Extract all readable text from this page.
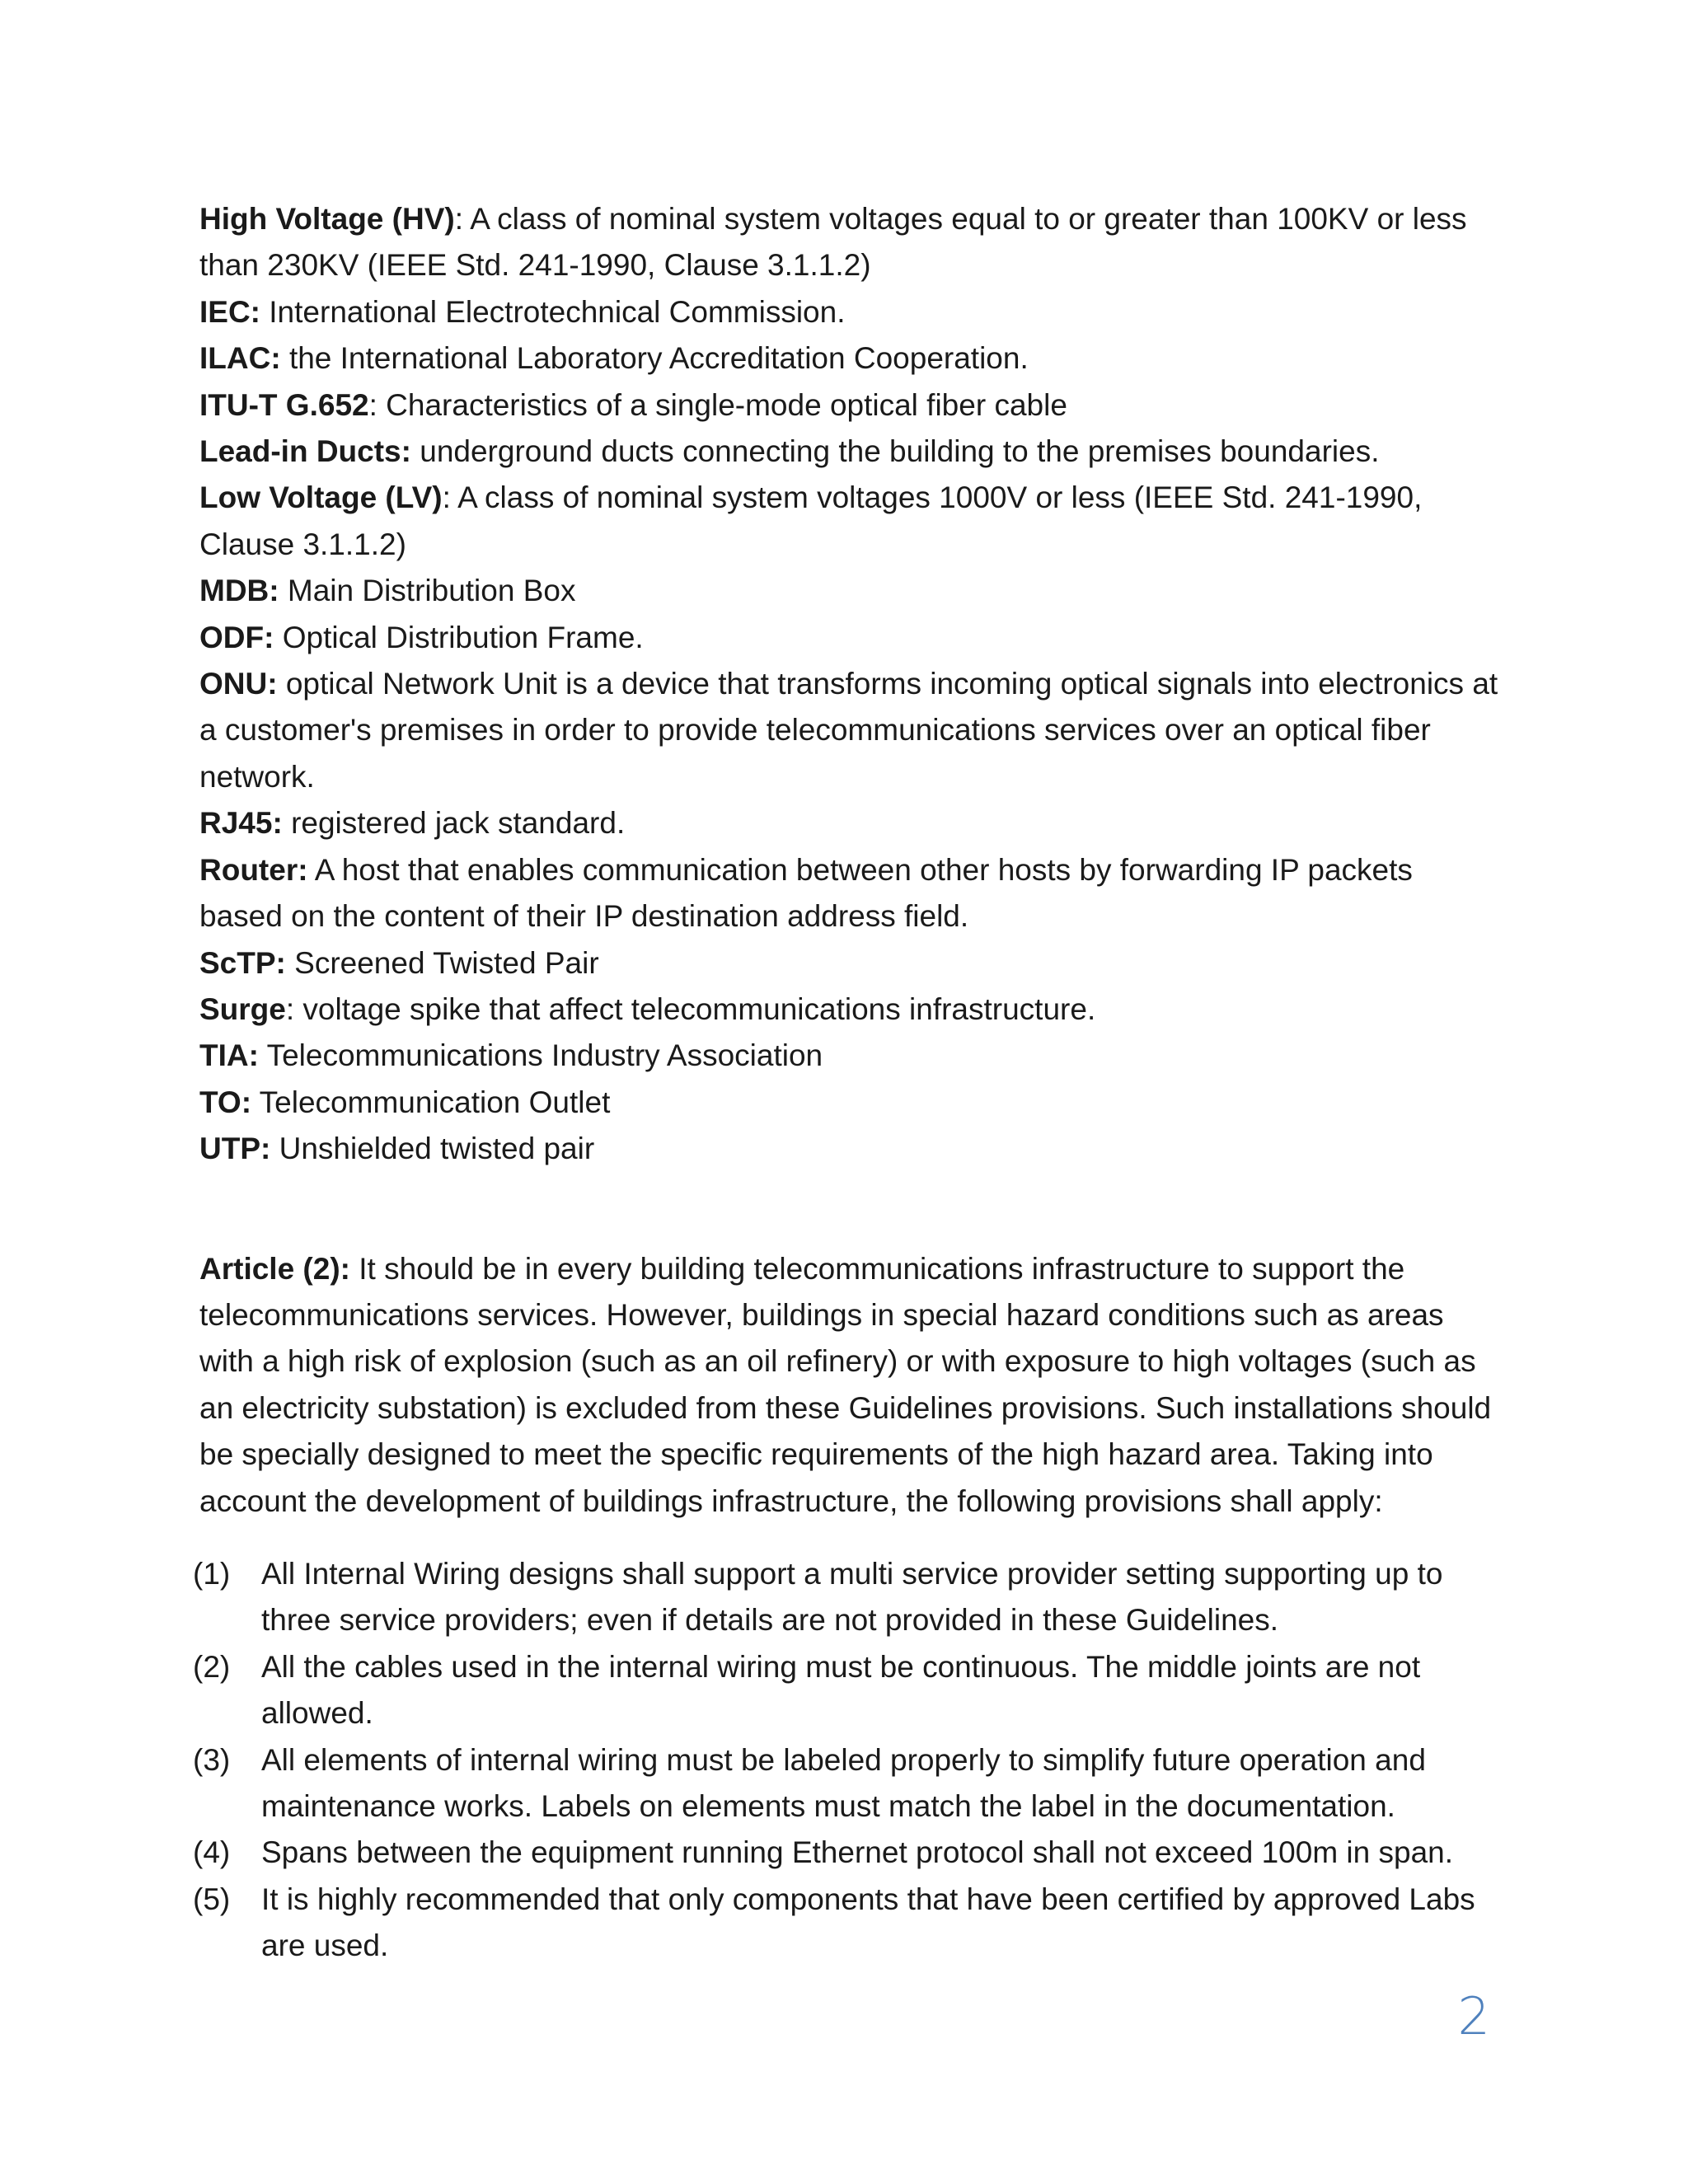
High Voltage (HV): A class of nominal system voltages equal to or greater than 100KV or less than 230KV (IEEE Std. 241-1990, Clause 3.1.1.2)

IEC: International Electrotechnical Commission.

ILAC: the International Laboratory Accreditation Cooperation.

ITU-T G.652: Characteristics of a single-mode optical fiber cable

Lead-in Ducts: underground ducts connecting the building to the premises boundaries.

Low Voltage (LV): A class of nominal system voltages 1000V or less (IEEE Std. 241-1990, Clause 3.1.1.2)

MDB: Main Distribution Box

ODF: Optical Distribution Frame.

ONU: optical Network Unit is a device that transforms incoming optical signals into electronics at a customer's premises in order to provide telecommunications services over an optical fiber network.

RJ45: registered jack standard.

Router: A host that enables communication between other hosts by forwarding IP packets based on the content of their IP destination address field.

ScTP: Screened Twisted Pair

Surge: voltage spike that affect telecommunications infrastructure.

TIA: Telecommunications Industry Association

TO: Telecommunication Outlet

UTP: Unshielded twisted pair

Article (2): It should be in every building telecommunications infrastructure to support the telecommunications services. However, buildings in special hazard conditions such as areas with a high risk of explosion (such as an oil refinery) or with exposure to high voltages (such as an electricity substation) is excluded from these Guidelines provisions. Such installations should be specially designed to meet the specific requirements of the high hazard area. Taking into account the development of buildings infrastructure, the following provisions shall apply:

(1)	All Internal Wiring designs shall support a multi service provider setting supporting up to three service providers; even if details are not provided in these Guidelines.
(2)	All the cables used in the internal wiring must be continuous. The middle joints are not allowed.
(3)	All elements of internal wiring must be labeled properly to simplify future operation and maintenance works. Labels on elements must match the label in the documentation.
(4)	Spans between the equipment running Ethernet protocol shall not exceed 100m in span.
(5)	It is highly recommended that only components that have been certified by approved Labs are used.
2
